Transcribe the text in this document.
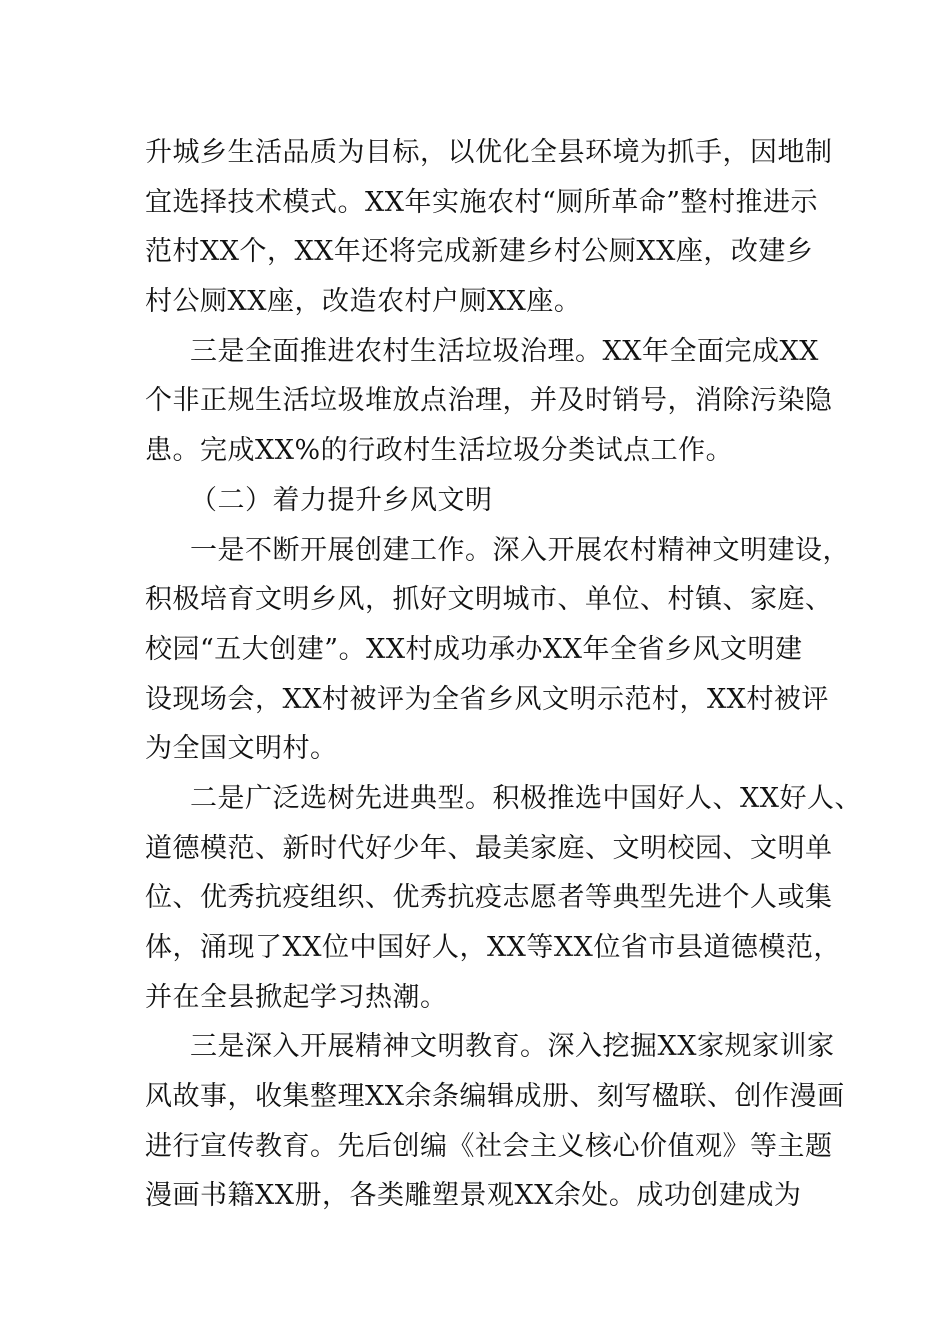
升城乡生活品质为目标，以优化全县环境为抓手，因地制
宜选择技术模式。XX年实施农村“厕所革命”整村推进示
范村XX个，XX年还将完成新建乡村公厕XX座，改建乡
村公厕XX座，改造农村户厕XX座。
三是全面推进农村生活垃圾治理。XX年全面完成XX
个非正规生活垃圾堆放点治理，并及时销号，消除污染隐
患。完成XX%的行政村生活垃圾分类试点工作。
（二）着力提升乡风文明
一是不断开展创建工作。深入开展农村精神文明建设，
积极培育文明乡风，抓好文明城市、单位、村镇、家庭、
校园“五大创建”。XX村成功承办XX年全省乡风文明建
设现场会，XX村被评为全省乡风文明示范村，XX村被评
为全国文明村。
二是广泛选树先进典型。积极推选中国好人、XX好人、
道德模范、新时代好少年、最美家庭、文明校园、文明单
位、优秀抗疫组织、优秀抗疫志愿者等典型先进个人或集
体，涌现了XX位中国好人，XX等XX位省市县道德模范，
并在全县掀起学习热潮。
三是深入开展精神文明教育。深入挖掘XX家规家训家
风故事，收集整理XX余条编辑成册、刻写楹联、创作漫画
进行宣传教育。先后创编《社会主义核心价值观》等主题
漫画书籍XX册，各类雕塑景观XX余处。成功创建成为
